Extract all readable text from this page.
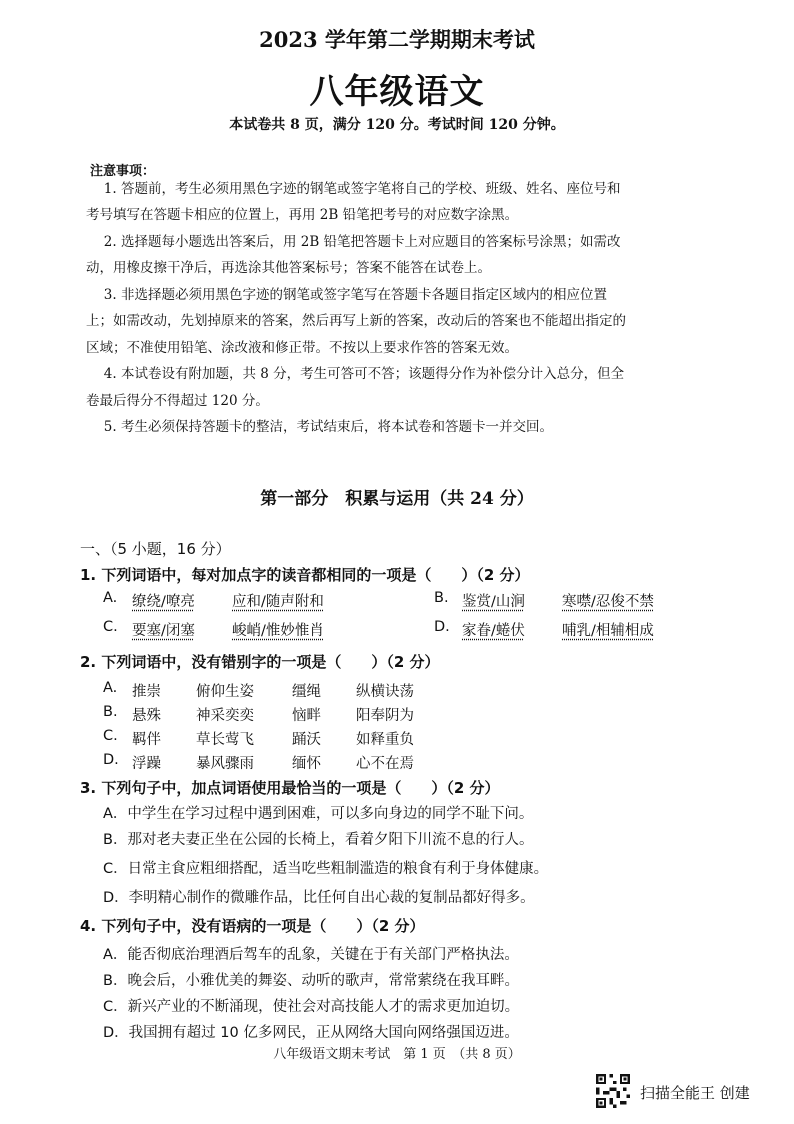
2023 学年第二学期期末考试
八年级语文
本试卷共 8 页，满分 120 分。考试时间 120 分钟。
注意事项：
　 1. 答题前，考生必须用黑色字迹的钢笔或签字笔将自己的学校、班级、姓名、座位号和
考号填写在答题卡相应的位置上，再用 2B 铅笔把考号的对应数字涂黑。
　 2. 选择题每小题选出答案后，用 2B 铅笔把答题卡上对应题目的答案标号涂黑；如需改
动，用橡皮擦干净后，再选涂其他答案标号；答案不能答在试卷上。
　 3. 非选择题必须用黑色字迹的钢笔或签字笔写在答题卡各题目指定区域内的相应位置
上；如需改动，先划掉原来的答案，然后再写上新的答案，改动后的答案也不能超出指定的
区域；不准使用铅笔、涂改液和修正带。不按以上要求作答的答案无效。
　 4. 本试卷设有附加题，共 8 分，考生可答可不答；该题得分作为补偿分计入总分，但全
卷最后得分不得超过 120 分。
　 5. 考生必须保持答题卡的整洁，考试结束后，将本试卷和答题卡一并交回。
第一部分　积累与运用（共 24 分）
一、（5 小题，16 分）
1. 下列词语中，每对加点字的读音都相同的一项是（　　）（2 分）
A. 缭绕/嘹亮	应和/随声附和	B. 鉴赏/山涧	寒噤/忍俊不禁
C. 要塞/闭塞	峻峭/惟妙惟肖	D. 家眷/蜷伏	哺乳/相辅相成
2. 下列词语中，没有错别字的一项是（　　）（2 分）
A. 推崇 俯仰生姿	缰绳 纵横诀荡
B. 悬殊 神采奕奕	恼畔 阳奉阴为
C. 羁伴 草长莺飞	踊沃 如释重负
D. 浮躁 暴风骤雨	缅怀 心不在焉
3. 下列句子中，加点词语使用最恰当的一项是（　　）（2 分）
A．中学生在学习过程中遇到困难，可以多向身边的同学不耻下问。
B．那对老夫妻正坐在公园的长椅上，看着夕阳下川流不息的行人。
C．日常主食应粗细搭配，适当吃些粗制滥造的粮食有利于身体健康。
D．李明精心制作的微雕作品，比任何自出心裁的复制品都好得多。
4. 下列句子中，没有语病的一项是（　　）（2 分）
A．能否彻底治理酒后驾车的乱象，关键在于有关部门严格执法。
B．晚会后，小雅优美的舞姿、动听的歌声，常常萦绕在我耳畔。
C．新兴产业的不断涌现，使社会对高技能人才的需求更加迫切。
D．我国拥有超过 10 亿多网民，正从网络大国向网络强国迈进。
八年级语文期末考试　第 1 页　（共 8 页）
扫描全能王 创建
